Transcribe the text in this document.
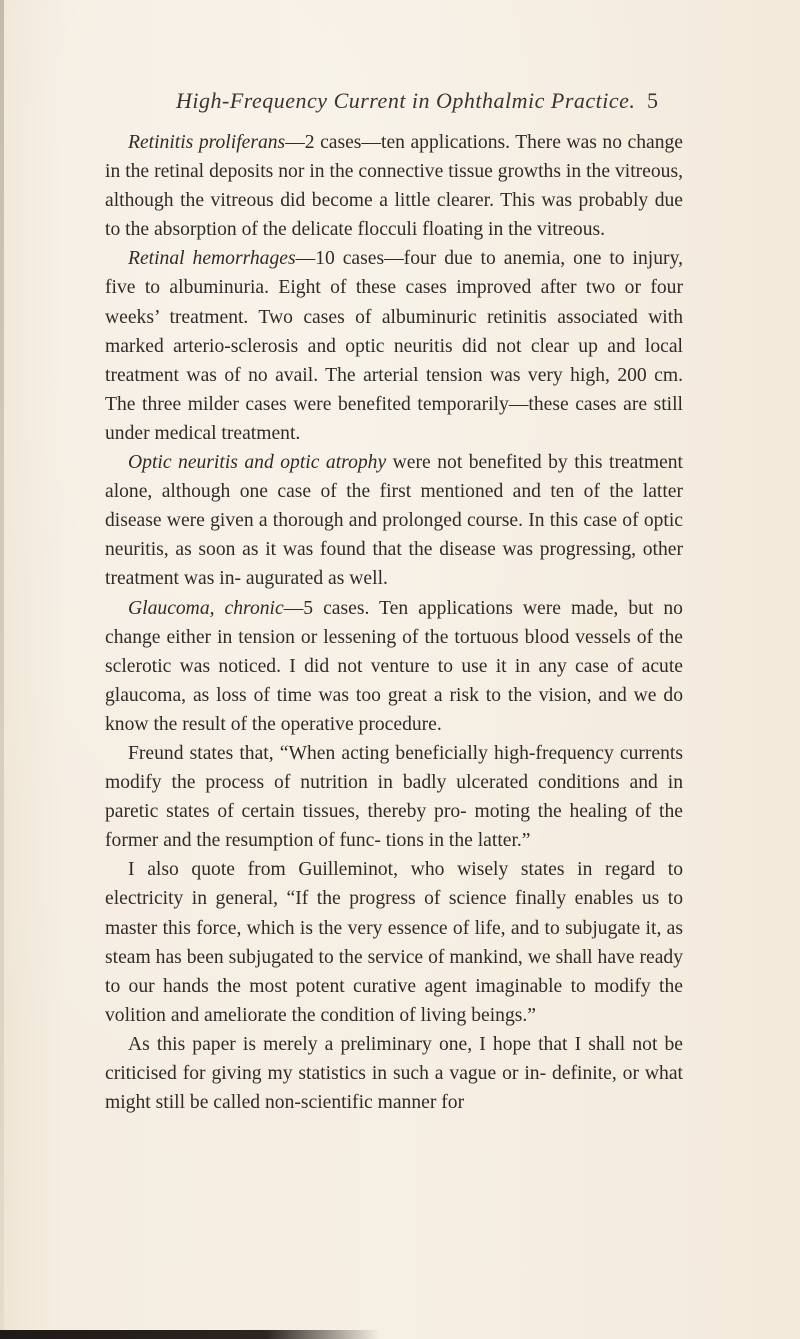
High-Frequency Current in Ophthalmic Practice. 5

Retinitis proliferans—2 cases—ten applications. There was no change in the retinal deposits nor in the connective tissue growths in the vitreous, although the vitreous did become a little clearer. This was probably due to the absorption of the delicate flocculi floating in the vitreous.

Retinal hemorrhages—10 cases—four due to anemia, one to injury, five to albuminuria. Eight of these cases improved after two or four weeks’ treatment. Two cases of albuminuric retinitis associated with marked arterio-sclerosis and optic neuritis did not clear up and local treatment was of no avail. The arterial tension was very high, 200 cm. The three milder cases were benefited temporarily—these cases are still under medical treatment.

Optic neuritis and optic atrophy were not benefited by this treatment alone, although one case of the first mentioned and ten of the latter disease were given a thorough and prolonged course. In this case of optic neuritis, as soon as it was found that the disease was progressing, other treatment was in- augurated as well.

Glaucoma, chronic—5 cases. Ten applications were made, but no change either in tension or lessening of the tortuous blood vessels of the sclerotic was noticed. I did not venture to use it in any case of acute glaucoma, as loss of time was too great a risk to the vision, and we do know the result of the operative procedure.

Freund states that, “When acting beneficially high-frequency currents modify the process of nutrition in badly ulcerated conditions and in paretic states of certain tissues, thereby pro- moting the healing of the former and the resumption of func- tions in the latter.”

I also quote from Guilleminot, who wisely states in regard to electricity in general, “If the progress of science finally enables us to master this force, which is the very essence of life, and to subjugate it, as steam has been subjugated to the service of mankind, we shall have ready to our hands the most potent curative agent imaginable to modify the volition and ameliorate the condition of living beings.”

As this paper is merely a preliminary one, I hope that I shall not be criticised for giving my statistics in such a vague or in- definite, or what might still be called non-scientific manner for
